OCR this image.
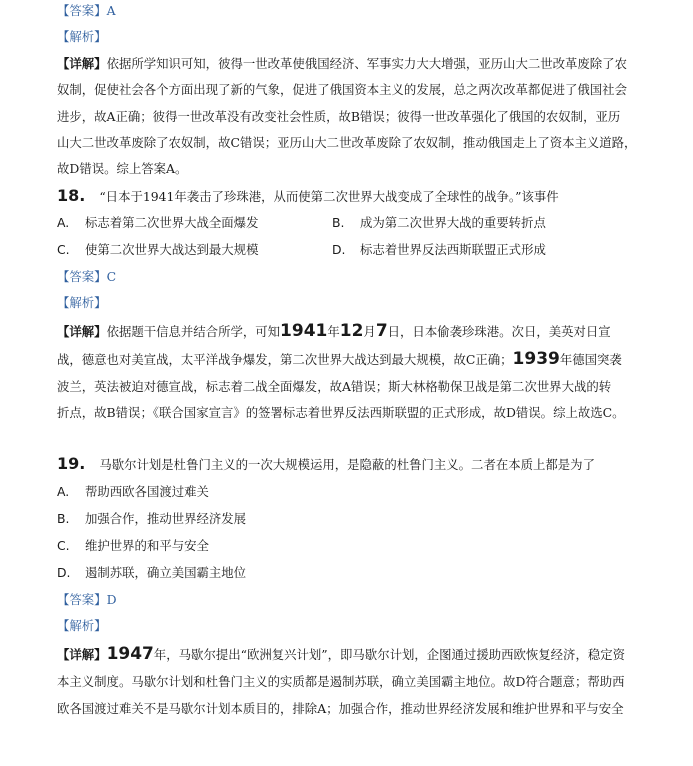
【答案】A
【解析】
【详解】依据所学知识可知，彼得一世改革使俄国经济、军事实力大大增强，亚历山大二世改革废除了农
奴制，促使社会各个方面出现了新的气象，促进了俄国资本主义的发展，总之两次改革都促进了俄国社会
进步，故A正确；彼得一世改革没有改变社会性质，故B错误；彼得一世改革强化了俄国的农奴制，亚历
山大二世改革废除了农奴制，故C错误；亚历山大二世改革废除了农奴制，推动俄国走上了资本主义道路，
故D错误。综上答案A。
18. “日本于1941年袭击了珍珠港，从而使第二次世界大战变成了全球性的战争。”该事件
A. 标志着第二次世界大战全面爆发	B. 成为第二次世界大战的重要转折点
C. 使第二次世界大战达到最大规模	D. 标志着世界反法西斯联盟正式形成
【答案】C
【解析】
【详解】依据题干信息并结合所学，可知1941年12月7日，日本偷袭珍珠港。次日，美英对日宣
战，德意也对美宣战，太平洋战争爆发，第二次世界大战达到最大规模，故C正确；1939年德国突袭
波兰，英法被迫对德宣战，标志着二战全面爆发，故A错误；斯大林格勒保卫战是第二次世界大战的转
折点，故B错误；《联合国家宣言》的签署标志着世界反法西斯联盟的正式形成，故D错误。综上故选C。
19. 马歇尔计划是杜鲁门主义的一次大规模运用，是隐蔽的杜鲁门主义。二者在本质上都是为了
A. 帮助西欧各国渡过难关
B. 加强合作，推动世界经济发展
C. 维护世界的和平与安全
D. 遏制苏联，确立美国霸主地位
【答案】D
【解析】
【详解】1947年，马歇尔提出“欧洲复兴计划”，即马歇尔计划，企图通过援助西欧恢复经济，稳定资
本主义制度。马歇尔计划和杜鲁门主义的实质都是遏制苏联，确立美国霸主地位。故D符合题意；帮助西
欧各国渡过难关不是马歇尔计划本质目的，排除A；加强合作，推动世界经济发展和维护世界和平与安全
